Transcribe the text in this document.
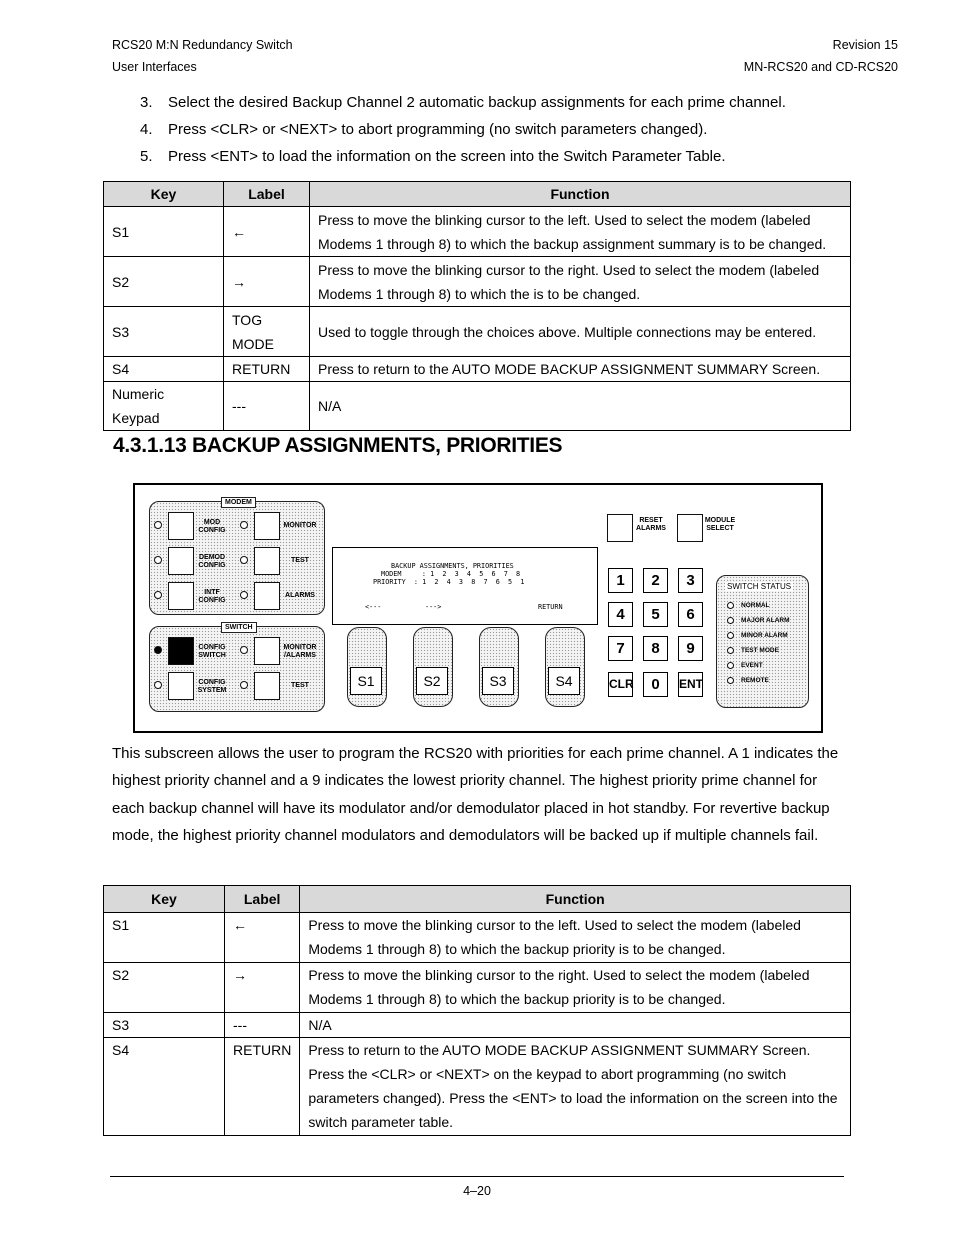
RCS20 M:N Redundancy Switch
User Interfaces
Revision 15
MN-RCS20 and CD-RCS20
3.	Select the desired Backup Channel 2 automatic backup assignments for each prime channel.
4.	Press <CLR> or <NEXT> to abort programming (no switch parameters changed).
5.	Press <ENT> to load the information on the screen into the Switch Parameter Table.
Key	Label	Function
S1	←	Press to move the blinking cursor to the left. Used to select the modem (labeled Modems 1 through 8) to which the backup assignment summary is to be changed.
S2	→	Press to move the blinking cursor to the right. Used to select the modem (labeled Modems 1 through 8) to which the is to be changed.
S3	TOG MODE	Used to toggle through the choices above. Multiple connections may be entered.
S4	RETURN	Press to return to the AUTO MODE BACKUP ASSIGNMENT SUMMARY Screen.
Numeric Keypad	---	N/A
4.3.1.13 BACKUP ASSIGNMENTS, PRIORITIES
MODEM
SWITCH
MOD CONFIG
DEMOD CONFIG
INTF CONFIG
CONFIG SWITCH
CONFIG SYSTEM
MONITOR
TEST
ALARMS
MONITOR /ALARMS
TEST
BACKUP ASSIGNMENTS, PRIORITIES
MODEM     : 1  2  3  4  5  6  7  8
PRIORITY  : 1  2  4  3  8  7  6  5  1
<---	--->	RETURN
S1	S2	S3	S4
RESET ALARMS
MODULE SELECT
1	2	3
4	5	6
7	8	9
CLR	0	ENT
SWITCH STATUS
NORMAL
MAJOR ALARM
MINOR ALARM
TEST MODE
EVENT
REMOTE
This subscreen allows the user to program the RCS20 with priorities for each prime channel. A 1 indicates the highest priority channel and a 9 indicates the lowest priority channel. The highest priority prime channel for each backup channel will have its modulator and/or demodulator placed in hot standby. For revertive backup mode, the highest priority channel modulators and demodulators will be backed up if multiple channels fail.
Key	Label	Function
S1	←	Press to move the blinking cursor to the left. Used to select the modem (labeled Modems 1 through 8) to which the backup priority is to be changed.
S2	→	Press to move the blinking cursor to the right. Used to select the modem (labeled Modems 1 through 8) to which the backup priority is to be changed.
S3	---	N/A
S4	RETURN	Press to return to the AUTO MODE BACKUP ASSIGNMENT SUMMARY Screen. Press the <CLR> or <NEXT> on the keypad to abort programming (no switch parameters changed). Press the <ENT> to load the information on the screen into the switch parameter table.
4–20
